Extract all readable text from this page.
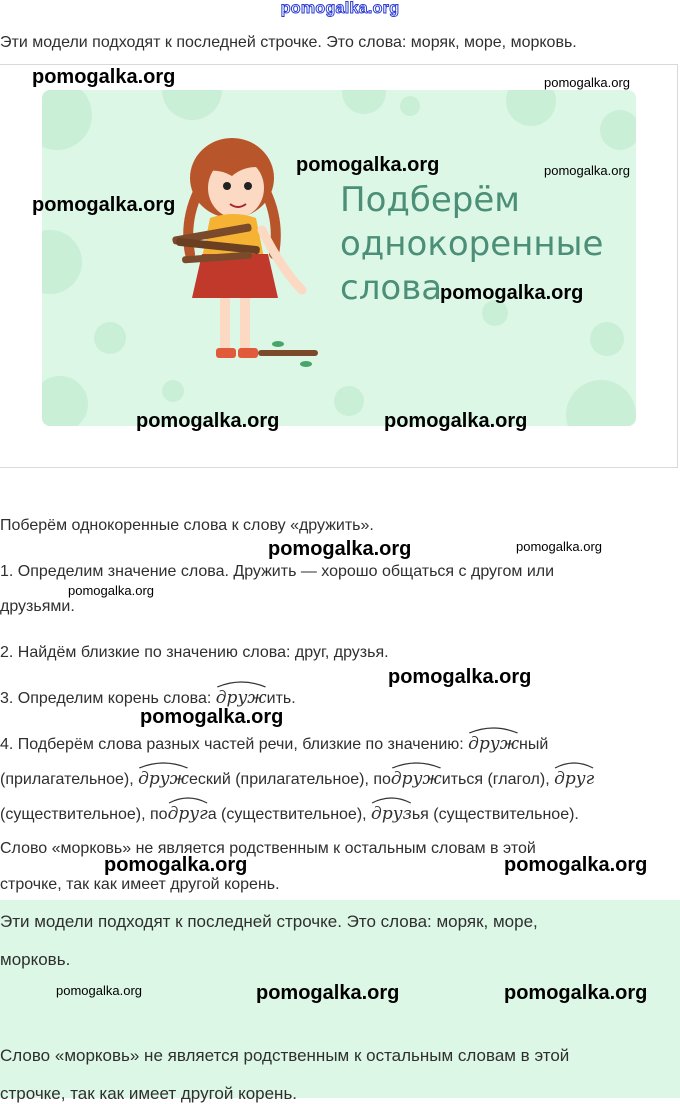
pomogalka.org
Эти модели подходят к последней строчке. Это слова: моряк, море, морковь.
Подберём
однокоренные
слова
pomogalka.org	pomogalka.org
pomogalka.org	pomogalka.org
pomogalka.org
pomogalka.org
pomogalka.org	pomogalka.org
Поберём однокоренные слова к слову «дружить».
1. Определим значение слова. Дружить — хорошо общаться с другом или
друзьями.
2. Найдём близкие по значению слова: друг, друзья.
3. Определим корень слова:
дружить.
4. Подберём слова разных частей речи, близкие по значению:
дружный
(прилагательное),
дружеский (прилагательное), по
дружиться (глагол),
друг
(существительное), по
друга (существительное),
друзья (существительное).
Слово «морковь» не является родственным к остальным словам в этой
строчке, так как имеет другой корень.
pomogalka.org	pomogalka.org
pomogalka.org
pomogalka.org
pomogalka.org
pomogalka.org	pomogalka.org
Эти модели подходят к последней строчке. Это слова: моряк, море,
морковь.
Слово «морковь» не является родственным к остальным словам в этой
строчке, так как имеет другой корень.
pomogalka.org	pomogalka.org	pomogalka.org
